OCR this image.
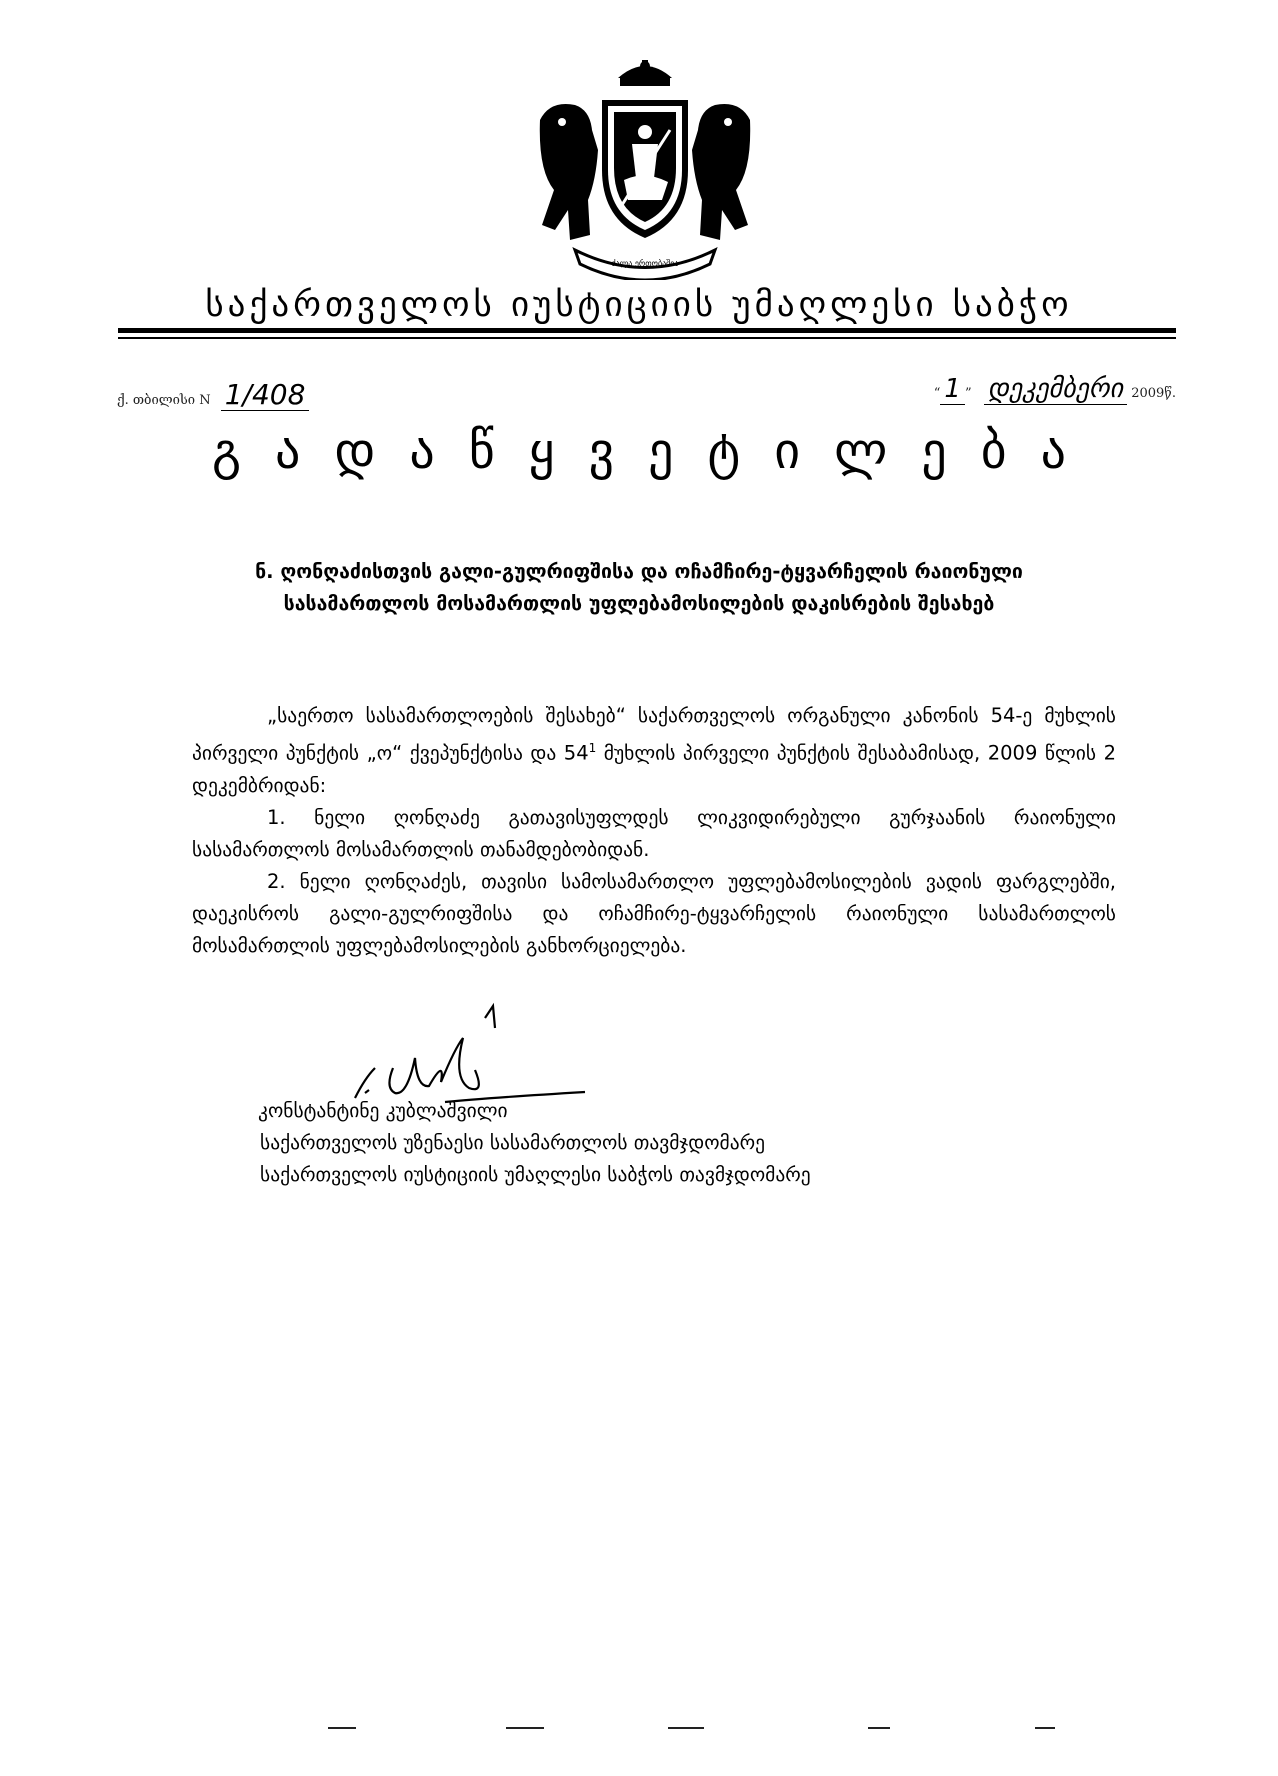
ძალა ერთობაშია
საქართველოს იუსტიციის უმაღლესი საბჭო
ქ. თბილისი N 1/408	“ 1 ” დეკემბერი 2009წ.
გადაწყვეტილება
ნ. ღონღაძისთვის გალი-გულრიფშისა და ოჩამჩირე-ტყვარჩელის რაიონული
სასამართლოს მოსამართლის უფლებამოსილების დაკისრების შესახებ

„საერთო სასამართლოების შესახებ“ საქართველოს ორგანული კანონის 54-ე მუხლის პირველი პუნქტის „ო“ ქვეპუნქტისა და $54^1$ მუხლის პირველი პუნქტის შესაბამისად, 2009 წლის 2 დეკემბრიდან:

1. ნელი ღონღაძე გათავისუფლდეს ლიკვიდირებული გურჯაანის რაიონული სასამართლოს მოსამართლის თანამდებობიდან.

2. ნელი ღონღაძეს, თავისი სამოსამართლო უფლებამოსილების ვადის ფარგლებში, დაეკისროს გალი-გულრიფშისა და ოჩამჩირე-ტყვარჩელის რაიონული სასამართლოს მოსამართლის უფლებამოსილების განხორციელება.

კონსტანტინე კუბლაშვილი
საქართველოს უზენაესი სასამართლოს თავმჯდომარე
საქართველოს იუსტიციის უმაღლესი საბჭოს თავმჯდომარე
